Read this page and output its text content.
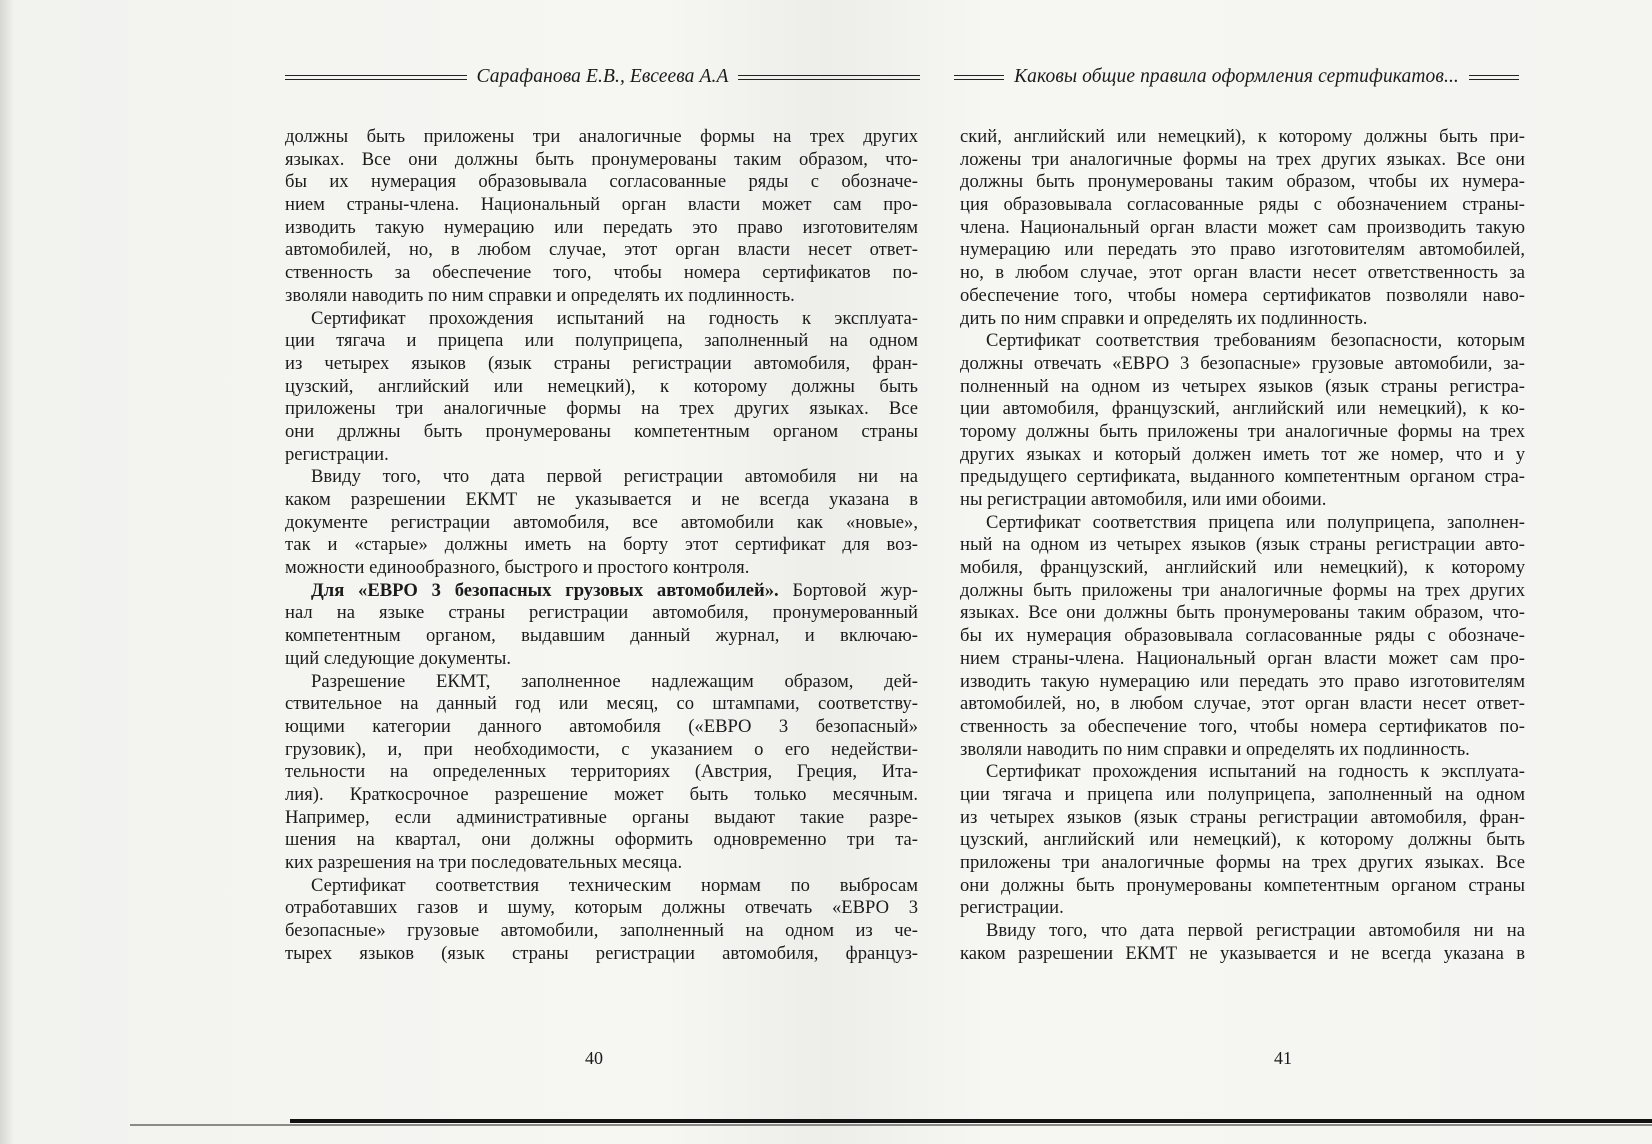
Сарафанова Е.В., Евсеева А.А
должны быть приложены три аналогичные формы на трех других
языках. Все они должны быть пронумерованы таким образом, что-
бы их нумерация образовывала согласованные ряды с обозначе-
нием страны-члена. Национальный орган власти может сам про-
изводить такую нумерацию или передать это право изготовителям
автомобилей, но, в любом случае, этот орган власти несет ответ-
ственность за обеспечение того, чтобы номера сертификатов по-
зволяли наводить по ним справки и определять их подлинность.
Сертификат прохождения испытаний на годность к эксплуата-
ции тягача и прицепа или полуприцепа, заполненный на одном
из четырех языков (язык страны регистрации автомобиля, фран-
цузский, английский или немецкий), к которому должны быть
приложены три аналогичные формы на трех других языках. Все
они дрлжны быть пронумерованы компетентным органом страны
регистрации.
Ввиду того, что дата первой регистрации автомобиля ни на
каком разрешении ЕКМТ не указывается и не всегда указана в
документе регистрации автомобиля, все автомобили как «новые»,
так и «старые» должны иметь на борту этот сертификат для воз-
можности единообразного, быстрого и простого контроля.
Для «ЕВРО 3 безопасных грузовых автомобилей». Бортовой жур-
нал на языке страны регистрации автомобиля, пронумерованный
компетентным органом, выдавшим данный журнал, и включаю-
щий следующие документы.
Разрешение ЕКМТ, заполненное надлежащим образом, дей-
ствительное на данный год или месяц, со штампами, соответству-
ющими категории данного автомобиля («ЕВРО 3 безопасный»
грузовик), и, при необходимости, с указанием о его недействи-
тельности на определенных территориях (Австрия, Греция, Ита-
лия). Краткосрочное разрешение может быть только месячным.
Например, если административные органы выдают такие разре-
шения на квартал, они должны оформить одновременно три та-
ких разрешения на три последовательных месяца.
Сертификат соответствия техническим нормам по выбросам
отработавших газов и шуму, которым должны отвечать «ЕВРО 3
безопасные» грузовые автомобили, заполненный на одном из че-
тырех языков (язык страны регистрации автомобиля, француз-
40
Каковы общие правила оформления сертификатов...
ский, английский или немецкий), к которому должны быть при-
ложены три аналогичные формы на трех других языках. Все они
должны быть пронумерованы таким образом, чтобы их нумера-
ция образовывала согласованные ряды с обозначением страны-
члена. Национальный орган власти может сам производить такую
нумерацию или передать это право изготовителям автомобилей,
но, в любом случае, этот орган власти несет ответственность за
обеспечение того, чтобы номера сертификатов позволяли наво-
дить по ним справки и определять их подлинность.
Сертификат соответствия требованиям безопасности, которым
должны отвечать «ЕВРО 3 безопасные» грузовые автомобили, за-
полненный на одном из четырех языков (язык страны регистра-
ции автомобиля, французский, английский или немецкий), к ко-
торому должны быть приложены три аналогичные формы на трех
других языках и который должен иметь тот же номер, что и у
предыдущего сертификата, выданного компетентным органом стра-
ны регистрации автомобиля, или ими обоими.
Сертификат соответствия прицепа или полуприцепа, заполнен-
ный на одном из четырех языков (язык страны регистрации авто-
мобиля, французский, английский или немецкий), к которому
должны быть приложены три аналогичные формы на трех других
языках. Все они должны быть пронумерованы таким образом, что-
бы их нумерация образовывала согласованные ряды с обозначе-
нием страны-члена. Национальный орган власти может сам про-
изводить такую нумерацию или передать это право изготовителям
автомобилей, но, в любом случае, этот орган власти несет ответ-
ственность за обеспечение того, чтобы номера сертификатов по-
зволяли наводить по ним справки и определять их подлинность.
Сертификат прохождения испытаний на годность к эксплуата-
ции тягача и прицепа или полуприцепа, заполненный на одном
из четырех языков (язык страны регистрации автомобиля, фран-
цузский, английский или немецкий), к которому должны быть
приложены три аналогичные формы на трех других языках. Все
они должны быть пронумерованы компетентным органом страны
регистрации.
Ввиду того, что дата первой регистрации автомобиля ни на
каком разрешении ЕКМТ не указывается и не всегда указана в
41
